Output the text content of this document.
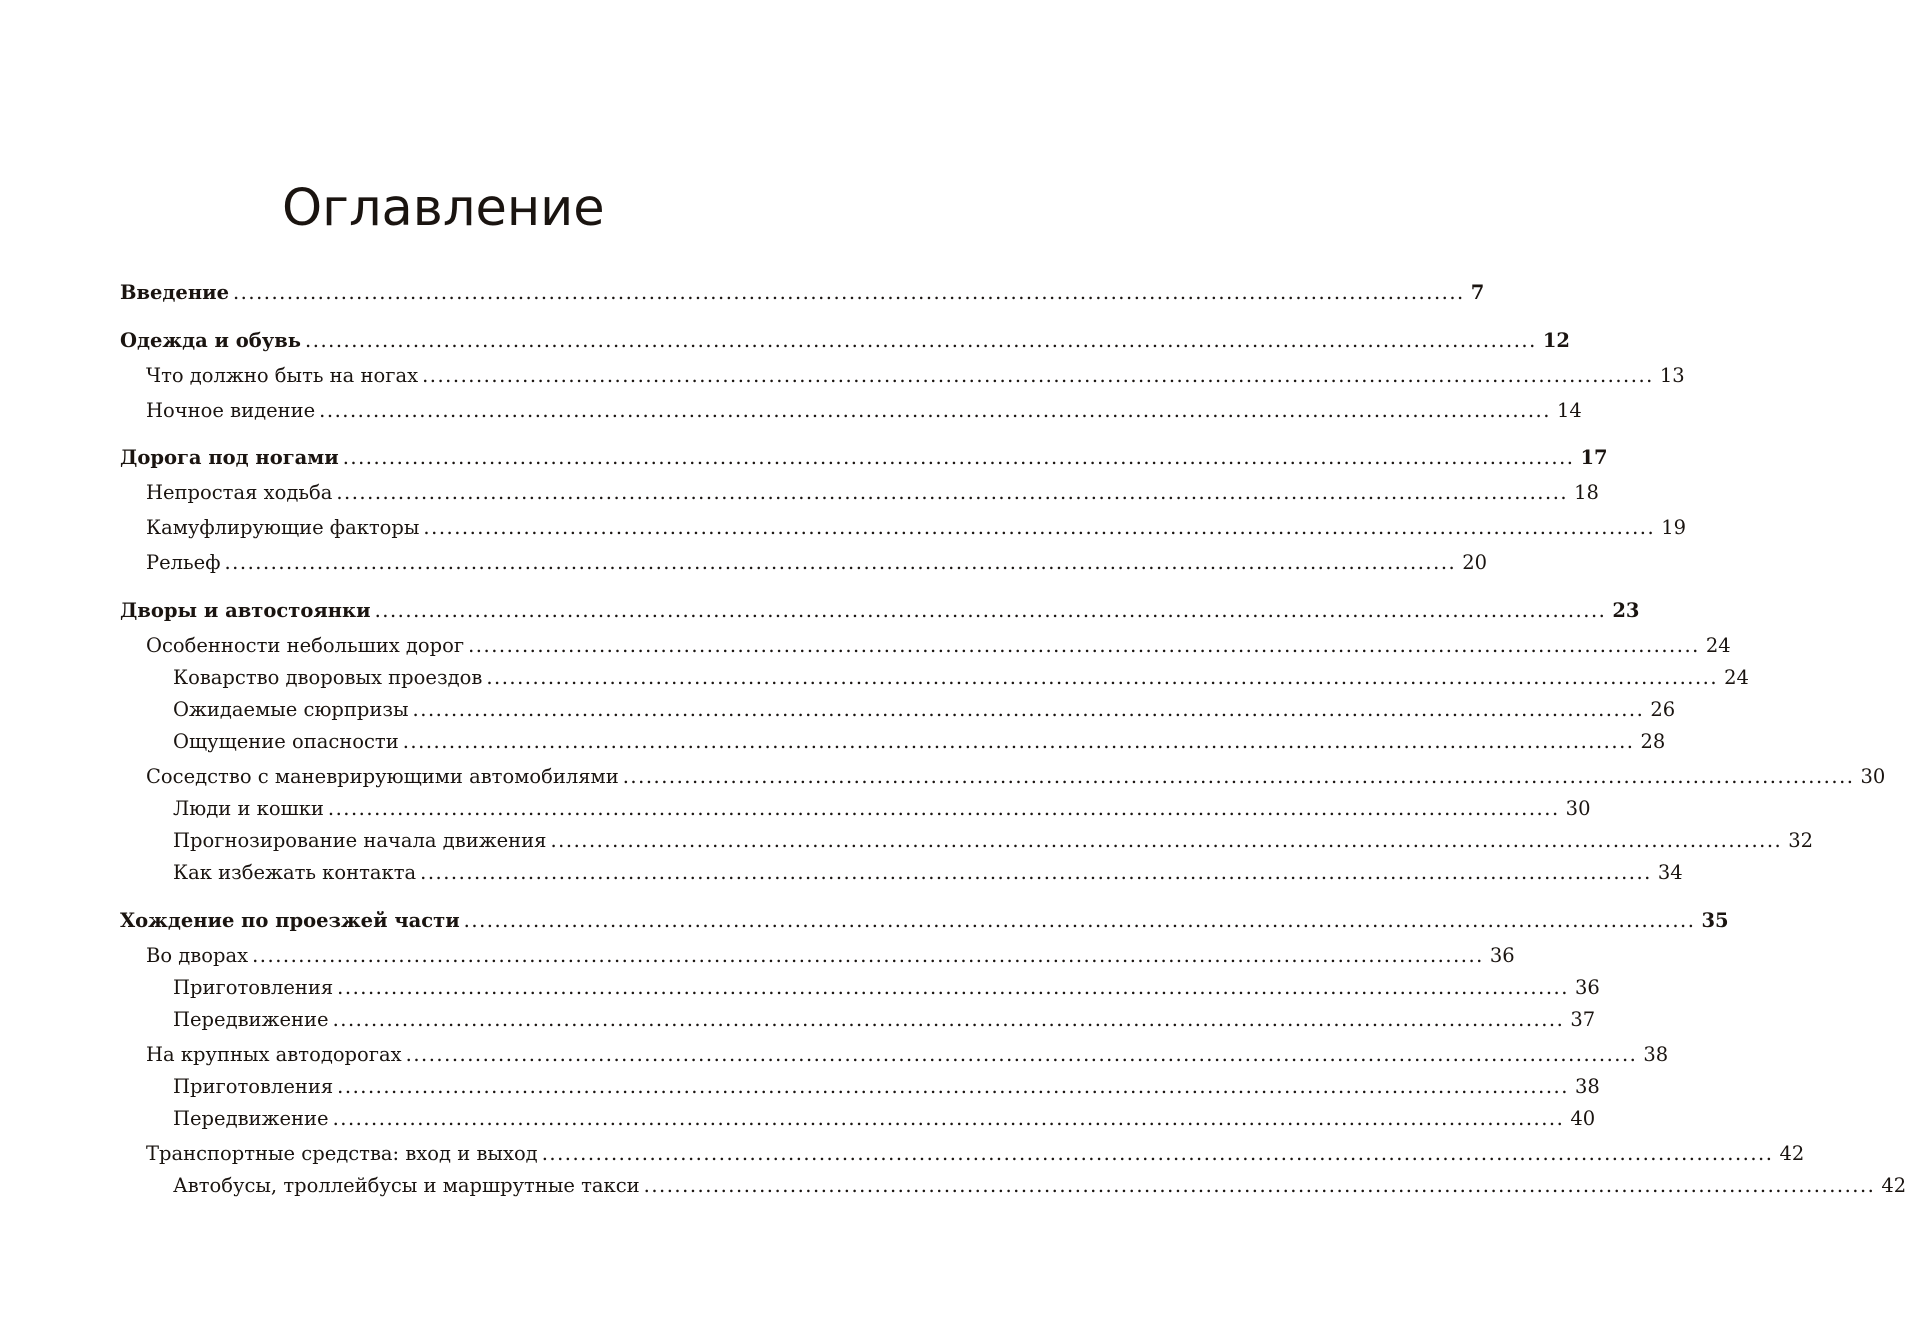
Оглавление
Введение ................................................................................................................................................................ 7
Одежда и обувь ................................................................................................................................................................ 12
Что должно быть на ногах ................................................................................................................................................................ 13
Ночное видение ................................................................................................................................................................ 14
Дорога под ногами ................................................................................................................................................................ 17
Непростая ходьба ................................................................................................................................................................ 18
Камуфлирующие факторы ................................................................................................................................................................ 19
Рельеф ................................................................................................................................................................ 20
Дворы и автостоянки ................................................................................................................................................................ 23
Особенности небольших дорог ................................................................................................................................................................ 24
Коварство дворовых проездов ................................................................................................................................................................ 24
Ожидаемые сюрпризы ................................................................................................................................................................ 26
Ощущение опасности ................................................................................................................................................................ 28
Соседство с маневрирующими автомобилями ................................................................................................................................................................ 30
Люди и кошки ................................................................................................................................................................ 30
Прогнозирование начала движения ................................................................................................................................................................ 32
Как избежать контакта ................................................................................................................................................................ 34
Хождение по проезжей части ................................................................................................................................................................ 35
Во дворах ................................................................................................................................................................ 36
Приготовления ................................................................................................................................................................ 36
Передвижение ................................................................................................................................................................ 37
На крупных автодорогах ................................................................................................................................................................ 38
Приготовления ................................................................................................................................................................ 38
Передвижение ................................................................................................................................................................ 40
Транспортные средства: вход и выход ................................................................................................................................................................ 42
Автобусы, троллейбусы и маршрутные такси ................................................................................................................................................................ 42
